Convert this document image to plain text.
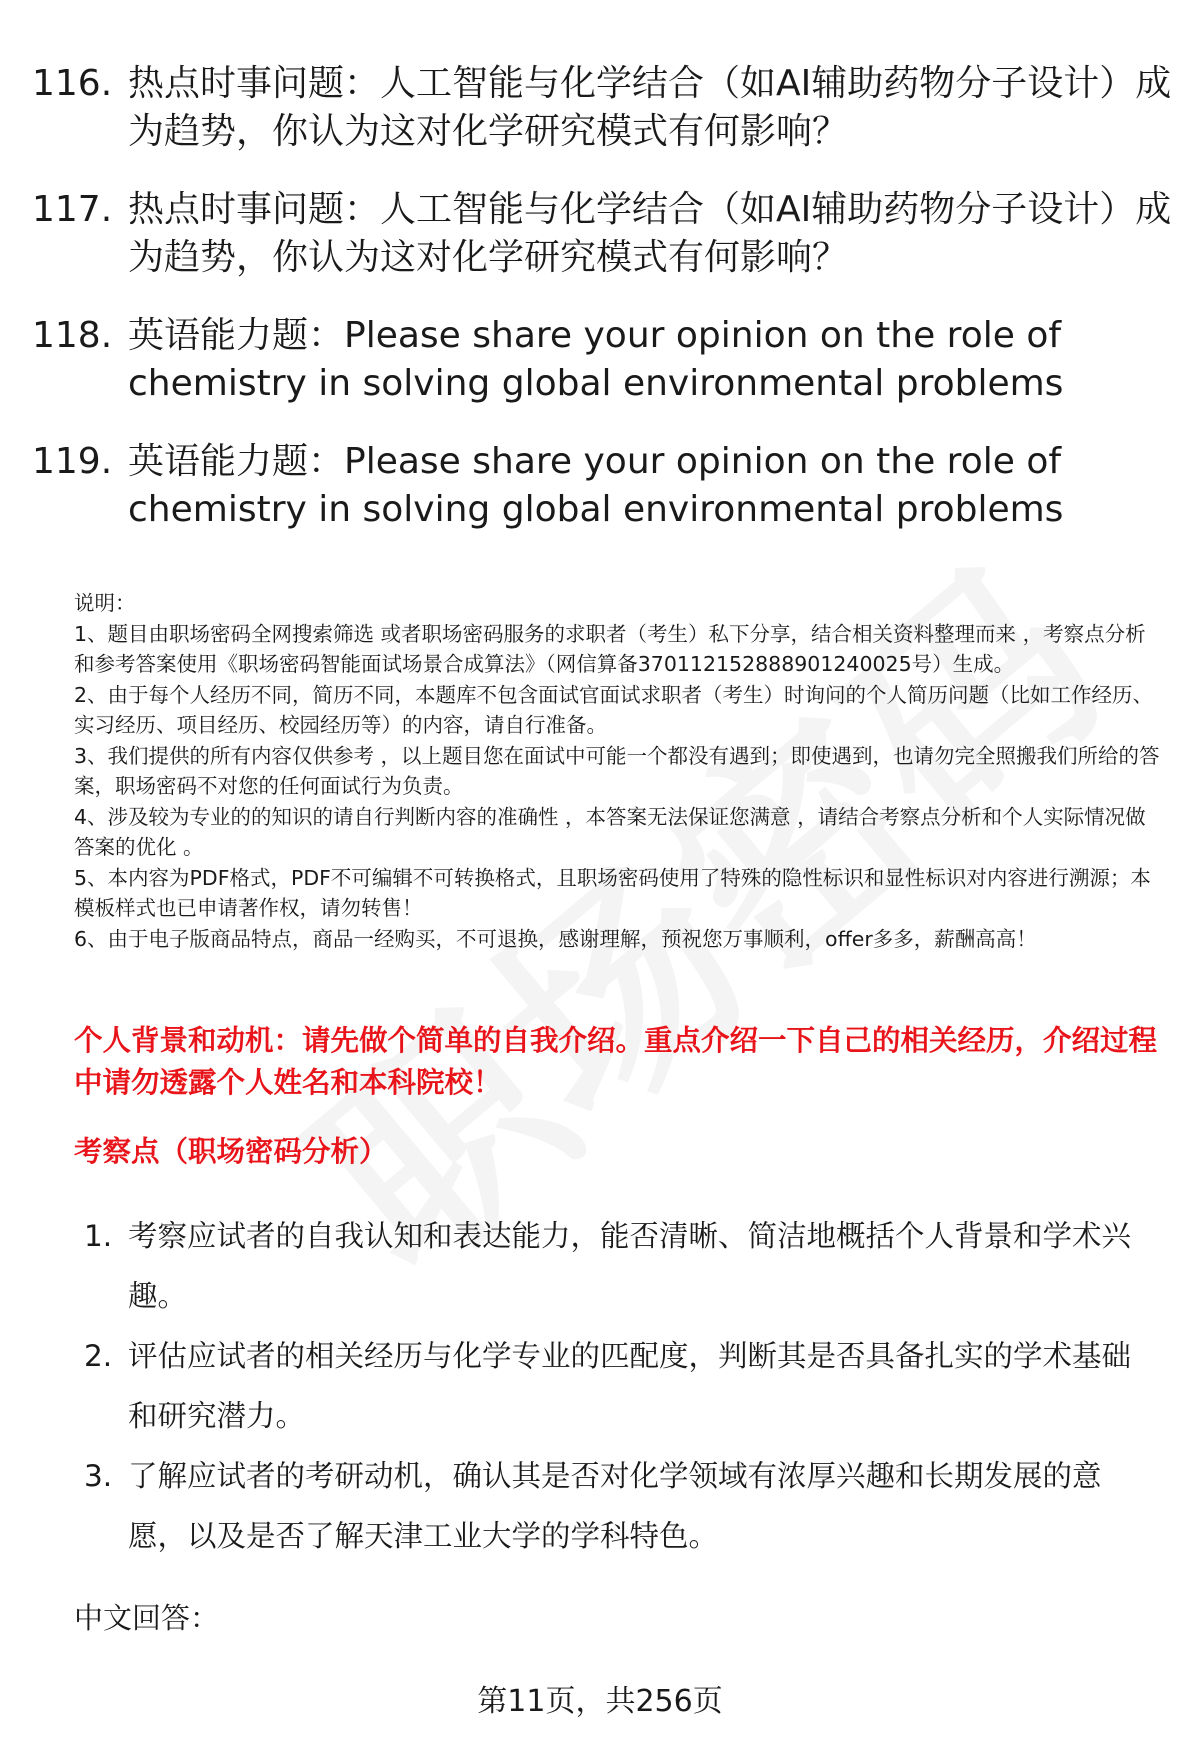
116. 热点时事问题：人工智能与化学结合（如AI辅助药物分子设计）成为趋势，你认为这对化学研究模式有何影响？
117. 热点时事问题：人工智能与化学结合（如AI辅助药物分子设计）成为趋势，你认为这对化学研究模式有何影响？
118. 英语能力题：Please share your opinion on the role of chemistry in solving global environmental problems
119. 英语能力题：Please share your opinion on the role of chemistry in solving global environmental problems

说明：

1、题目由职场密码全网搜索筛选 或者职场密码服务的求职者（考生）私下分享，结合相关资料整理而来 ，考察点分析和参考答案使用《职场密码智能面试场景合成算法》（网信算备370112152888901240025号）生成。

2、由于每个人经历不同，简历不同，本题库不包含面试官面试求职者（考生）时询问的个人简历问题（比如工作经历、实习经历、项目经历、校园经历等）的内容，请自行准备。

3、我们提供的所有内容仅供参考 ，以上题目您在面试中可能一个都没有遇到；即使遇到，也请勿完全照搬我们所给的答案，职场密码不对您的任何面试行为负责。

4、涉及较为专业的的知识的请自行判断内容的准确性 ，本答案无法保证您满意 ，请结合考察点分析和个人实际情况做答案的优化 。

5、本内容为PDF格式，PDF不可编辑不可转换格式，且职场密码使用了特殊的隐性标识和显性标识对内容进行溯源；本模板样式也已申请著作权，请勿转售！

6、由于电子版商品特点，商品一经购买，不可退换，感谢理解，预祝您万事顺利，offer多多，薪酬高高！

个人背景和动机：请先做个简单的自我介绍。重点介绍一下自己的相关经历，介绍过程中请勿透露个人姓名和本科院校！
考察点（职场密码分析）
1. 考察应试者的自我认知和表达能力，能否清晰、简洁地概括个人背景和学术兴趣。
2. 评估应试者的相关经历与化学专业的匹配度，判断其是否具备扎实的学术基础和研究潜力。
3. 了解应试者的考研动机，确认其是否对化学领域有浓厚兴趣和长期发展的意愿，以及是否了解天津工业大学的学科特色。
中文回答：
第11页，共256页
